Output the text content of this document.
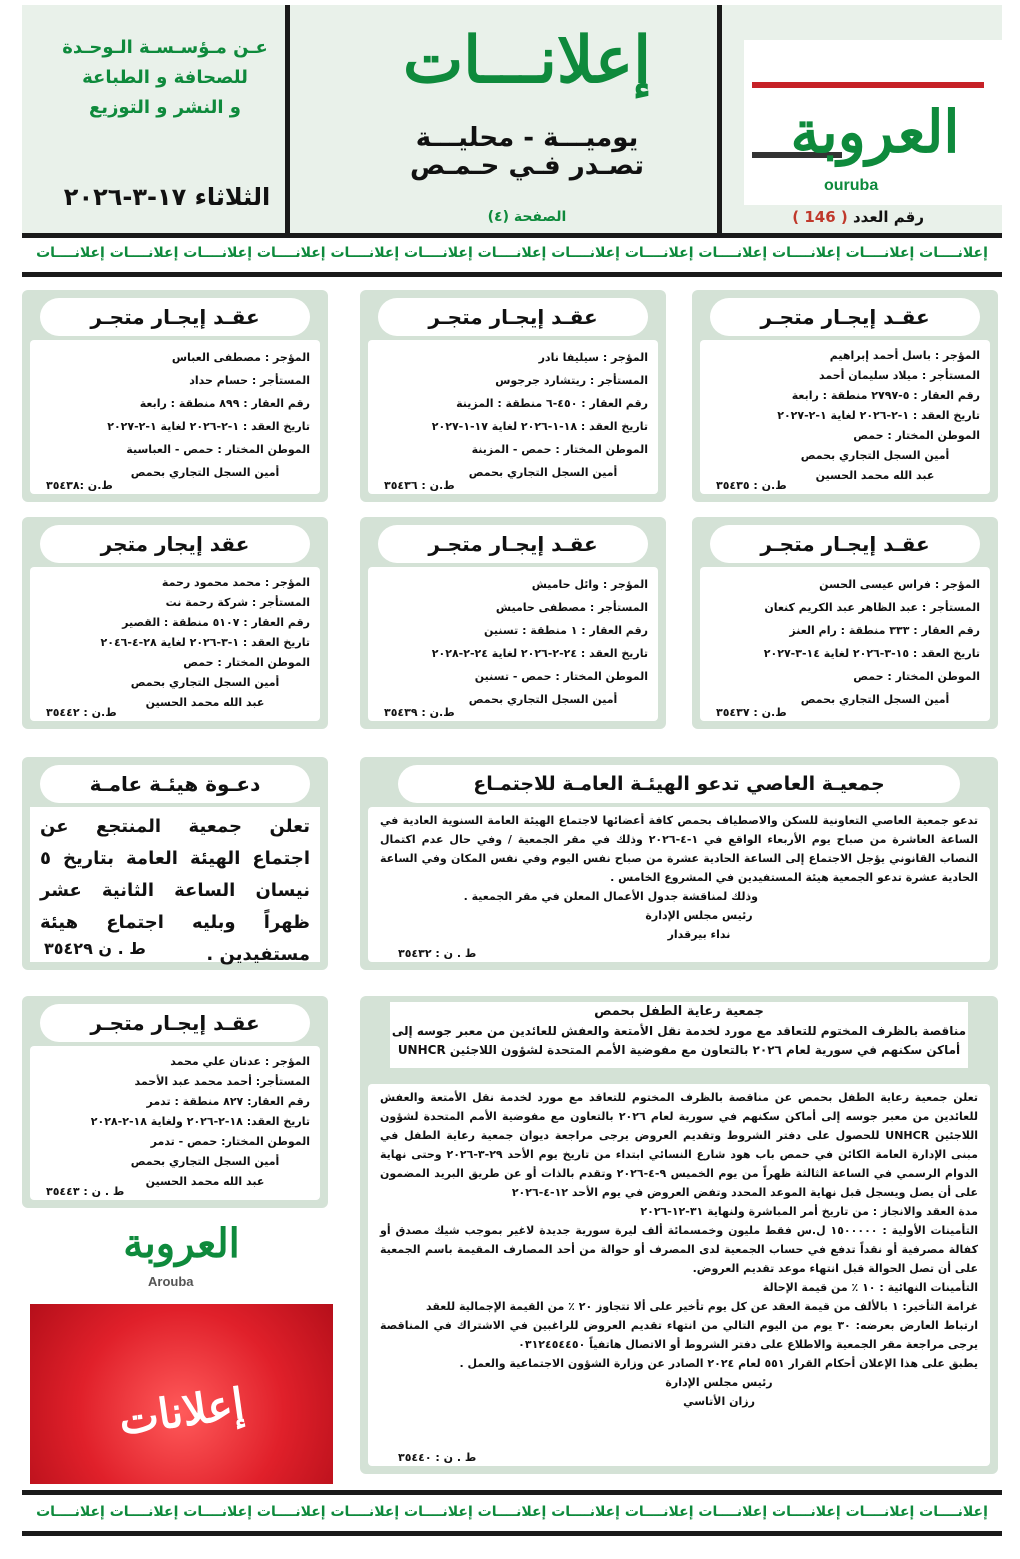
عـن مـؤسـسـة الـوحـدة
للصحافة و الطباعة
و النشر و التوزيع
الثلاثاء ١٧-٣-٢٠٢٦
إعلانـــات
يوميـــة - محليـــة
تصـدر فـي حـمـص
الصفحة (٤)
العروبة
ouruba
رقم العدد ( 146 )
إعلانــــات إعلانــــات إعلانــــات إعلانــــات إعلانــــات إعلانــــات إعلانــــات إعلانــــات إعلانــــات إعلانــــات إعلانــــات إعلانــــات إعلانــــات
عقـد إيجـار متجـر
المؤجر : باسل أحمد إبراهيم
المستأجر : ميلاد سليمان أحمد
رقم العقار : ٥-٢٧٩٧ منطقة : رابعة
تاريخ العقد : ١-٢-٢٠٢٦ لغاية ١-٢-٢٠٢٧
الموطن المختار : حمص
أمين السجل التجاري بحمص
عبد الله محمد الحسين
ط.ن : ٣٥٤٣٥
عقـد إيجـار متجـر
المؤجر : سيليفا نادر
المستأجر : ريتشارد جرجوس
رقم العقار : ٤٥٠-٦ منطقة : المزينة
تاريخ العقد : ١٨-١-٢٠٢٦ لغاية ١٧-١-٢٠٢٧
الموطن المختار : حمص - المزينة
أمين السجل التجاري بحمص
ط.ن : ٣٥٤٣٦
عقـد إيجـار متجـر
المؤجر : مصطفى العباس
المستأجر : حسام حداد
رقم العقار : ٨٩٩ منطقة : رابعة
تاريخ العقد : ١-٢-٢٠٢٦ لغاية ١-٢-٢٠٢٧
الموطن المختار : حمص - العباسية
أمين السجل التجاري بحمص
ط.ن :٣٥٤٣٨
عقـد إيجـار متجـر
المؤجر : فراس عيسى الحسن
المستأجر : عبد الظاهر عبد الكريم كنعان
رقم العقار : ٣٣٣ منطقة : رام العنز
تاريخ العقد : ١٥-٣-٢٠٢٦ لغاية ١٤-٣-٢٠٢٧
الموطن المختار : حمص
أمين السجل التجاري بحمص
ط.ن : ٣٥٤٣٧
عقـد إيجـار متجـر
المؤجر : وائل حاميش
المستأجر : مصطفى حاميش
رقم العقار : ١ منطقة : تسنين
تاريخ العقد : ٢٤-٢-٢٠٢٦ لغاية ٢٤-٢-٢٠٢٨
الموطن المختار : حمص - تسنين
أمين السجل التجاري بحمص
ط.ن : ٣٥٤٣٩
عقد إيجار متجر
المؤجر : محمد محمود رحمة
المستأجر : شركة رحمة نت
رقم العقار : ٥١٠٧ منطقة : القصير
تاريخ العقد : ١-٣-٢٠٢٦ لغاية ٢٨-٤-٢٠٤٦
الموطن المختار : حمص
أمين السجل التجاري بحمص
عبد الله محمد الحسين
ط.ن : ٣٥٤٤٢
جمعيـة العاصي تدعو الهيئـة العامـة للاجتمـاع

تدعو جمعية العاصي التعاونية للسكن والاصطياف بحمص كافة أعضائها لاجتماع الهيئة العامة السنوية العادية في الساعة العاشرة من صباح يوم الأربعاء الواقع في ١-٤-٢٠٢٦ وذلك في مقر الجمعية / وفي حال عدم اكتمال النصاب القانوني يؤجل الاجتماع إلى الساعة الحادية عشرة من صباح نفس اليوم وفي نفس المكان وفي الساعة الحادية عشرة تدعو الجمعية هيئة المستفيدين في المشروع الخامس .

وذلك لمناقشة جدول الأعمال المعلن في مقر الجمعية .

رئيس مجلس الإدارة

نداء بيرقدار

ط . ن : ٣٥٤٣٢
دعـوة هيئـة عامـة
تعلن جمعية المنتجع عن اجتماع الهيئة العامة بتاريخ ٥ نيسان الساعة الثانية عشر ظهراً وبليه اجتماع هيئة مستفيدين .
ط . ن ٣٥٤٢٩
عقـد إيجـار متجـر
المؤجر : عدنان علي محمد
المستأجر: أحمد محمد عبد الأحمد
رقم العقار: ٨٢٧ منطقة : تدمر
تاريخ العقد: ١٨-٢-٢٠٢٦ ولغاية ١٨-٢-٢٠٢٨
الموطن المختار: حمص - تدمر
أمين السجل التجاري بحمص
عبد الله محمد الحسين
ط . ن : ٣٥٤٤٣
العروبة
Arouba
إعلانات
جمعية رعاية الطفل بحمص
مناقصة بالظرف المختوم للتعاقد مع مورد لخدمة نقل الأمتعة والعفش للعائدين من معبر جوسه إلى أماكن سكنهم في سورية لعام ٢٠٢٦ بالتعاون مع مفوضية الأمم المتحدة لشؤون اللاجئين UNHCR

تعلن جمعية رعاية الطفل بحمص عن مناقصة بالظرف المختوم للتعاقد مع مورد لخدمة نقل الأمتعة والعفش للعائدين من معبر جوسه إلى أماكن سكنهم في سورية لعام ٢٠٢٦ بالتعاون مع مفوضية الأمم المتحدة لشؤون اللاجئين UNHCR للحصول على دفتر الشروط وتقديم العروض يرجى مراجعة ديوان جمعية رعاية الطفل في مبنى الإدارة العامة الكائن في حمص باب هود شارع النسائي ابتداء من تاريخ يوم الأحد ٢٩-٣-٢٠٢٦ وحتى نهاية الدوام الرسمي في الساعة الثالثة ظهراً من يوم الخميس ٩-٤-٢٠٢٦ وتقدم بالذات أو عن طريق البريد المضمون على أن يصل ويسجل قبل نهاية الموعد المحدد وتفض العروض في يوم الأحد ١٢-٤-٢٠٢٦

مدة العقد والانجاز : من تاريخ أمر المباشرة ولنهاية ٣١-١٢-٢٠٢٦

التأمينات الأولية : ١٥٠٠٠٠٠ ل.س فقط مليون وخمسمائة ألف ليرة سورية جديدة لاغير بموجب شيك مصدق أو كفالة مصرفية أو نقداً تدفع في حساب الجمعية لدى المصرف أو حوالة من أحد المصارف المقيمة باسم الجمعية على أن تصل الحوالة قبل انتهاء موعد تقديم العروض.

التأمينات النهائية : ١٠ ٪ من قيمة الإحالة

غرامة التأخير: ١ بالألف من قيمة العقد عن كل يوم تأخير على ألا تتجاوز ٢٠ ٪ من القيمة الإجمالية للعقد

ارتباط العارض بعرضه: ٣٠ يوم من اليوم التالي من انتهاء تقديم العروض للراغبين في الاشتراك في المناقصة يرجى مراجعة مقر الجمعية والاطلاع على دفتر الشروط أو الاتصال هاتفياً ٠٣١٢٤٥٤٤٥٠

يطبق على هذا الإعلان أحكام القرار ٥٥١ لعام ٢٠٢٤ الصادر عن وزارة الشؤون الاجتماعية والعمل .

رئيس مجلس الإدارة

رزان الأتاسي

ط . ن : ٣٥٤٤٠
إعلانــــات إعلانــــات إعلانــــات إعلانــــات إعلانــــات إعلانــــات إعلانــــات إعلانــــات إعلانــــات إعلانــــات إعلانــــات إعلانــــات إعلانــــات
